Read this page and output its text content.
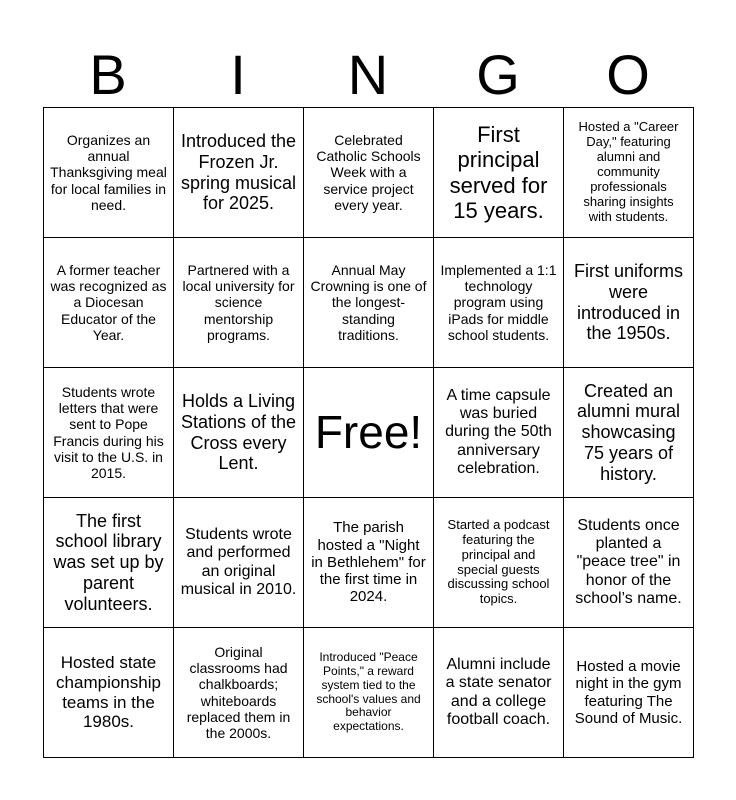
B	I	N	G	O
Organizes an annual Thanksgiving meal for local families in need.	Introduced the Frozen Jr. spring musical for 2025.	Celebrated Catholic Schools Week with a service project every year.	First principal served for 15 years.	Hosted a "Career Day," featuring alumni and community professionals sharing insights with students.
A former teacher was recognized as a Diocesan Educator of the Year.	Partnered with a local university for science mentorship programs.	Annual May Crowning is one of the longest-standing traditions.	Implemented a 1:1 technology program using iPads for middle school students.	First uniforms were introduced in the 1950s.
Students wrote letters that were sent to Pope Francis during his visit to the U.S. in 2015.	Holds a Living Stations of the Cross every Lent.	Free!	A time capsule was buried during the 50th anniversary celebration.	Created an alumni mural showcasing 75 years of history.
The first school library was set up by parent volunteers.	Students wrote and performed an original musical in 2010.	The parish hosted a "Night in Bethlehem" for the first time in 2024.	Started a podcast featuring the principal and special guests discussing school topics.	Students once planted a "peace tree" in honor of the school’s name.
Hosted state championship teams in the 1980s.	Original classrooms had chalkboards; whiteboards replaced them in the 2000s.	Introduced "Peace Points," a reward system tied to the school's values and behavior expectations.	Alumni include a state senator and a college football coach.	Hosted a movie night in the gym featuring The Sound of Music.
